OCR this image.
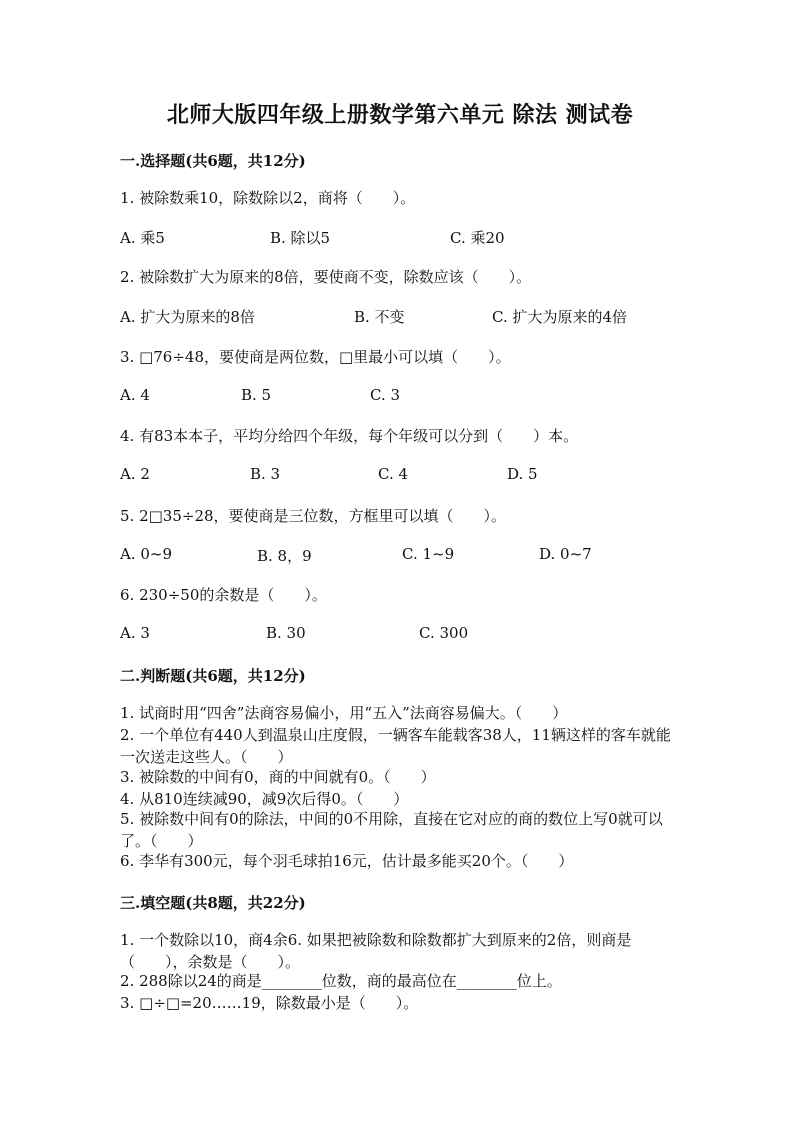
北师大版四年级上册数学第六单元 除法 测试卷
一.选择题(共6题，共12分)
1. 被除数乘10，除数除以2，商将（　　）。
A. 乘5	B. 除以5	C. 乘20
2. 被除数扩大为原来的8倍，要使商不变，除数应该（　　）。
A. 扩大为原来的8倍	B. 不变	C. 扩大为原来的4倍
3. □76÷48，要使商是两位数，□里最小可以填（　　）。
A. 4	B. 5	C. 3
4. 有83本本子，平均分给四个年级，每个年级可以分到（　　）本。
A. 2	B. 3	C. 4	D. 5
5. 2□35÷28，要使商是三位数，方框里可以填（　　）。
A. 0~9	B. 8，9	C. 1~9	D. 0~7
6. 230÷50的余数是（　　）。
A. 3	B. 30	C. 300
二.判断题(共6题，共12分)
1. 试商时用“四舍”法商容易偏小，用“五入”法商容易偏大。（　　）
2. 一个单位有440人到温泉山庄度假，一辆客车能载客38人，11辆这样的客车就能一次送走这些人。（　　）
3. 被除数的中间有0，商的中间就有0。（　　）
4. 从810连续减90，减9次后得0。（　　）
5. 被除数中间有0的除法，中间的0不用除，直接在它对应的商的数位上写0就可以了。（　　）
6. 李华有300元，每个羽毛球拍16元，估计最多能买20个。（　　）
三.填空题(共8题，共22分)
1. 一个数除以10，商4余6. 如果把被除数和除数都扩大到原来的2倍，则商是（　　），余数是（　　）。
2. 288除以24的商是________位数，商的最高位在________位上。
3. □÷□=20……19，除数最小是（　　）。
